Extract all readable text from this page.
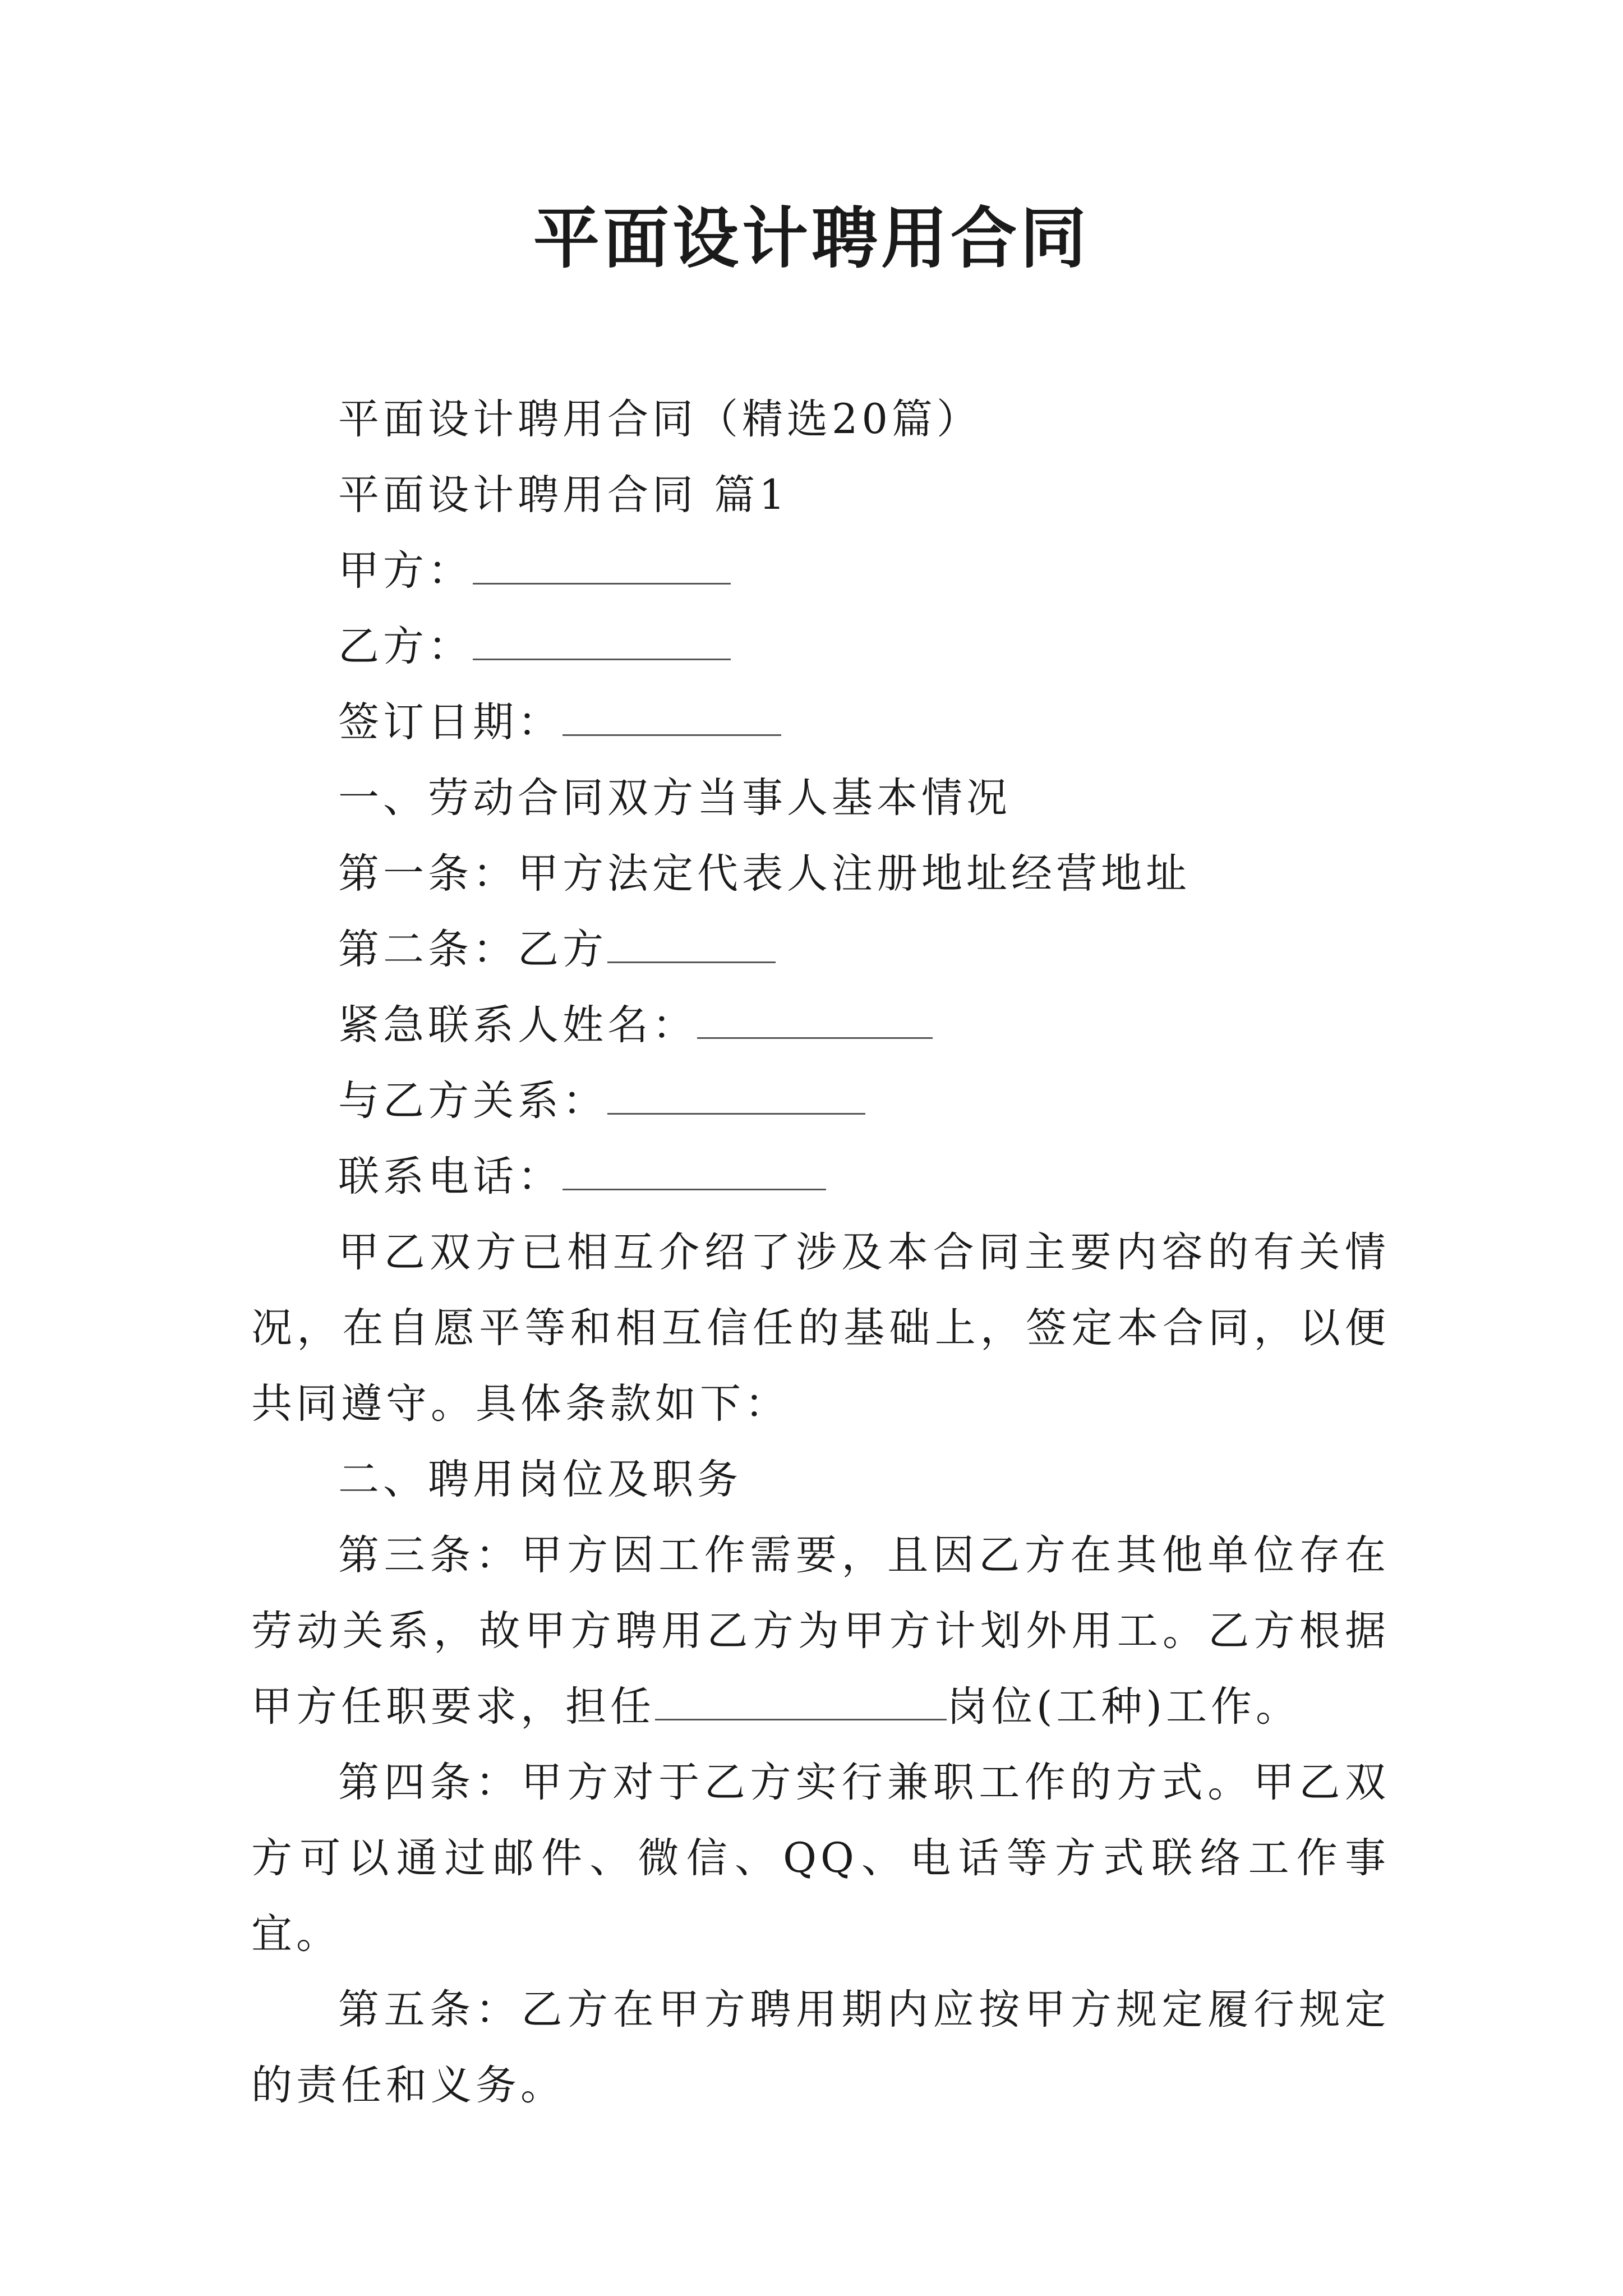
平面设计聘用合同
平面设计聘用合同（精选20篇）
平面设计聘用合同 篇1
甲方：
乙方：
签订日期：
一、劳动合同双方当事人基本情况
第一条：甲方法定代表人注册地址经营地址
第二条：乙方
紧急联系人姓名：
与乙方关系：
联系电话：
甲乙双方已相互介绍了涉及本合同主要内容的有关情况，在自愿平等和相互信任的基础上，签定本合同，以便共同遵守。具体条款如下：
二、聘用岗位及职务
第三条：甲方因工作需要，且因乙方在其他单位存在劳动关系，故甲方聘用乙方为甲方计划外用工。乙方根据甲方任职要求，担任	岗位(工种)工作。
第四条：甲方对于乙方实行兼职工作的方式。甲乙双方可以通过邮件、微信、QQ、电话等方式联络工作事宜。
第五条：乙方在甲方聘用期内应按甲方规定履行规定的责任和义务。
